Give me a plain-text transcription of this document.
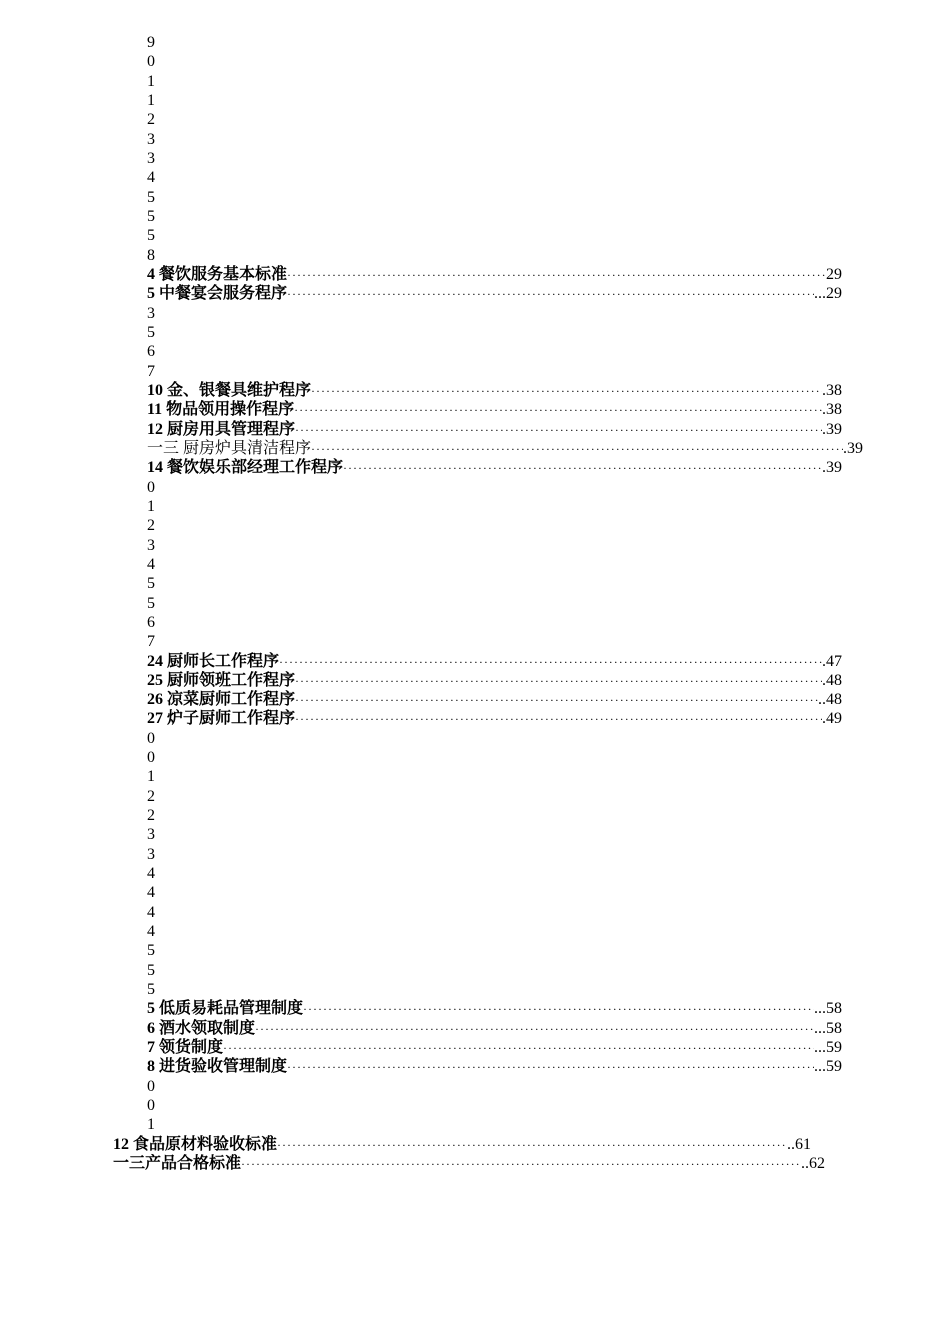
9
0
1
1
2
3
3
4
5
5
5
8
4 餐饮服务基本标准 ·····	29
5 中餐宴会服务程序 ·····	...29
3
5
6
7
10 金、银餐具维护程序 ·····	.38
11 物品领用操作程序 ·····	.38
12 厨房用具管理程序 ·····	.39
一三 厨房炉具清洁程序 ·····	.39
14 餐饮娱乐部经理工作程序 ·····	.39
0
1
2
3
4
5
5
6
7
24 厨师长工作程序 ·····	.47
25 厨师领班工作程序 ·····	.48
26 凉菜厨师工作程序 ·····	..48
27 炉子厨师工作程序 ·····	.49
0
0
1
2
2
3
3
4
4
4
4
5
5
5
5 低质易耗品管理制度 ·····	...58
6 酒水领取制度 ·····	...58
7 领货制度 ·····	...59
8 进货验收管理制度 ·····	...59
0
0
1
12 食品原材料验收标准 ·····	..61
一三产品合格标准 ·····	..62
